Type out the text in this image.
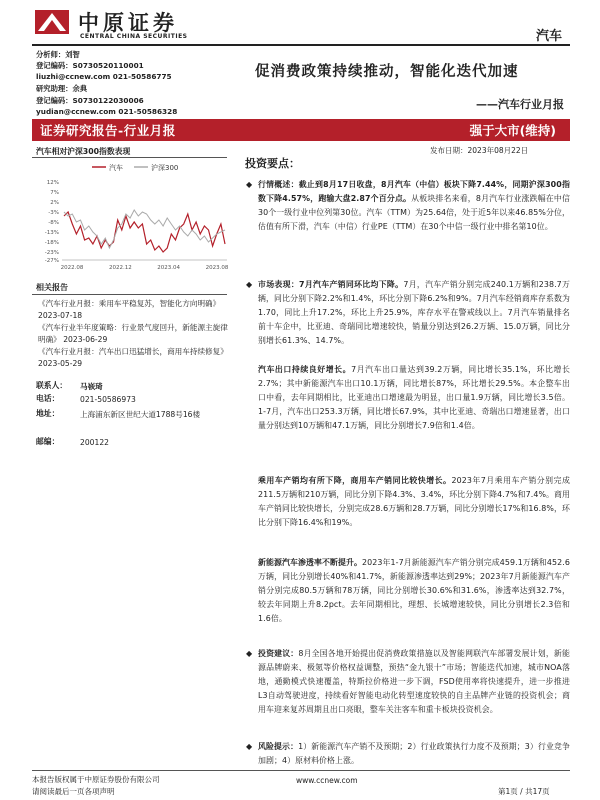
中原证券
CENTRAL CHINA SECURITIES	汽车
分析师：刘智
登记编码：S0730520110001
liuzhi@ccnew.com 021-50586775
研究助理：余典
登记编码：S0730122030006
yudian@ccnew.com 021-50586328
促消费政策持续推动，智能化迭代加速
——汽车行业月报
证券研究报告-行业月报	强于大市(维持)
汽车相对沪深300指数表现	发布日期：2023年08月22日
汽车	沪深300
12%
7%
2%
-3%
-8%
-13%
-18%
-23%
-27%
2022.08	2022.12	2023.04	2023.08
相关报告
《汽车行业月报：乘用车平稳复苏，智能化方向明确》 2023-07-18
《汽车行业半年度策略：行业景气度回升，新能源主旋律明确》 2023-06-29
《汽车行业月报：汽车出口迅猛增长，商用车持续修复》 2023-05-29
联系人： 马嵚琦
电话：	021-50586973
地址：	上海浦东新区世纪大道1788号16楼
邮编：	200122
投资要点：
◆ 行情概述：截止到8月17日收盘，8月汽车（中信）板块下降7.44%，同期沪深300指数下降4.57%，跑输大盘2.87个百分点。从板块排名来看，8月汽车行业涨跌幅在中信30个一级行业中位列第30位。汽车（TTM）为25.64倍，处于近5年以来46.85%分位，估值有所下滑，汽车（中信）行业PE（TTM）在30个中信一级行业中排名第10位。
◆ 市场表现：7月汽车产销同环比均下降。7月，汽车产销分别完成240.1万辆和238.7万辆，同比分别下降2.2%和1.4%，环比分别下降6.2%和9%。7月汽车经销商库存系数为1.70，同比上升17.2%，环比上升25.9%，库存水平在警戒线以上。7月汽车销量排名前十车企中，比亚迪、奇瑞同比增速较快，销量分别达到26.2万辆、15.0万辆，同比分别增长61.3%、14.7%。
汽车出口持续良好增长。7月汽车出口量达到39.2万辆，同比增长35.1%，环比增长2.7%；其中新能源汽车出口10.1万辆，同比增长87%，环比增长29.5%。本企整车出口中看，去年同期相比，比亚迪出口增速最为明显，出口量1.9万辆，同比增长3.5倍。1-7月，汽车出口253.3万辆，同比增长67.9%，其中比亚迪、奇瑞出口增速显著，出口量分别达到10万辆和47.1万辆，同比分别增长7.9倍和1.4倍。
乘用车产销均有所下降，商用车产销同比较快增长。2023年7月乘用车产销分别完成211.5万辆和210万辆，同比分别下降4.3%、3.4%，环比分别下降4.7%和7.4%。商用车产销同比较快增长，分别完成28.6万辆和28.7万辆，同比分别增长17%和16.8%，环比分别下降16.4%和19%。
新能源汽车渗透率不断提升。2023年1-7月新能源汽车产销分别完成459.1万辆和452.6万辆，同比分别增长40%和41.7%，新能源渗透率达到29%；2023年7月新能源汽车产销分别完成80.5万辆和78万辆，同比分别增长30.6%和31.6%，渗透率达到32.7%，较去年同期上升8.2pct。去年同期相比，理想、长城增速较快，同比分别增长2.3倍和1.6倍。
◆ 投资建议：8月全国各地开始提出促消费政策措施以及智能网联汽车部署发展计划，新能源品牌蔚来、极氪等价格权益调整，预热“金九银十”市场；智能迭代加速，城市NOA落地，通勤模式快速覆盖，特斯拉价格进一步下调，FSD使用率将快速提升，进一步推进L3自动驾驶进度，持续看好智能电动化转型速度较快的自主品牌产业链的投资机会；商用车迎来复苏周期且出口亮眼，整车关注客车和重卡板块投资机会。
◆ 风险提示：1）新能源汽车产销不及预期；2）行业政策执行力度不及预期；3）行业竞争加剧；4）原材料价格上涨。
本报告版权属于中原证券股份有限公司
请阅读最后一页各项声明
www.ccnew.com
第1页 / 共17页
